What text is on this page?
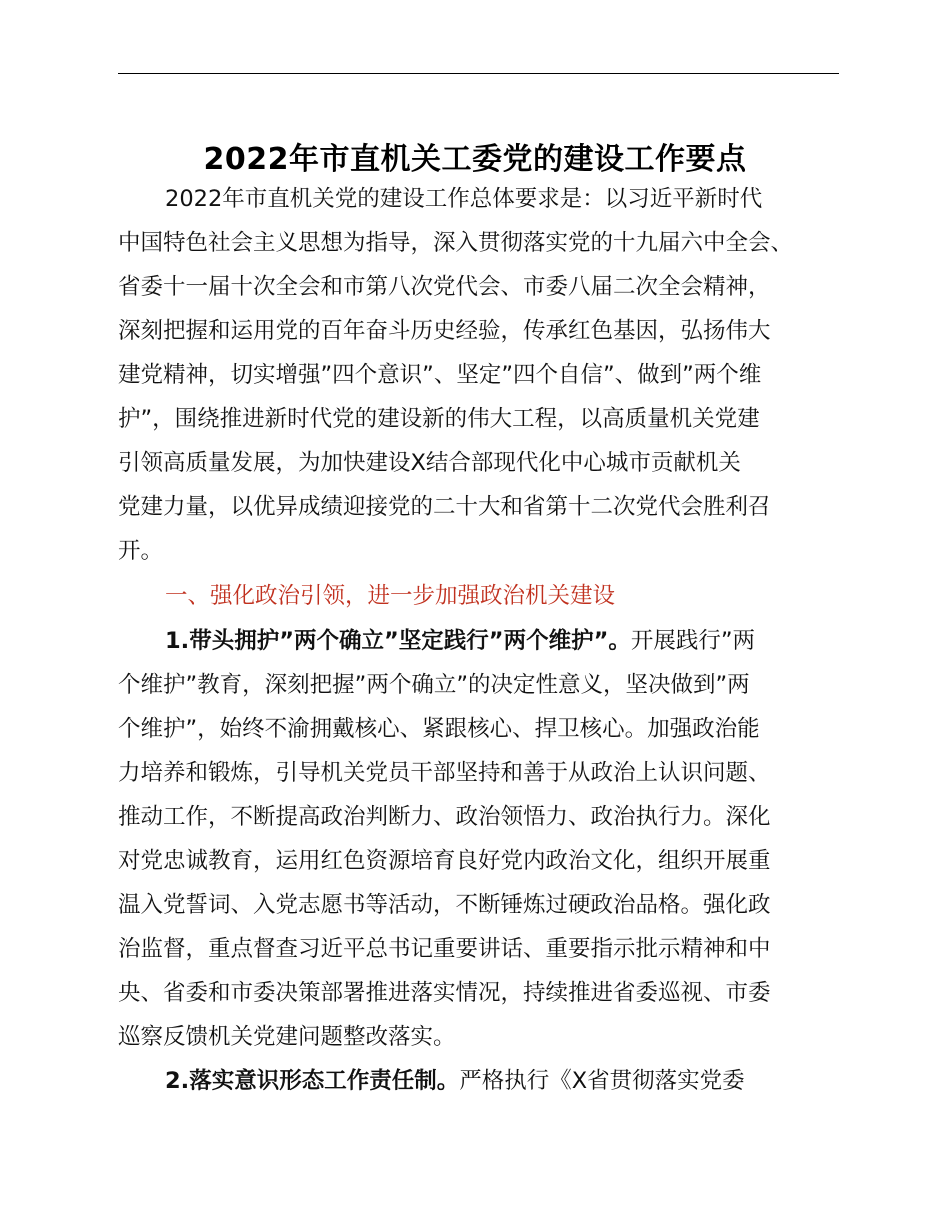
2022年市直机关工委党的建设工作要点
2022年市直机关党的建设工作总体要求是：以习近平新时代
中国特色社会主义思想为指导，深入贯彻落实党的十九届六中全会、
省委十一届十次全会和市第八次党代会、市委八届二次全会精神，
深刻把握和运用党的百年奋斗历史经验，传承红色基因，弘扬伟大
建党精神，切实增强”四个意识”、坚定”四个自信”、做到”两个维
护”，围绕推进新时代党的建设新的伟大工程，以高质量机关党建
引领高质量发展，为加快建设X结合部现代化中心城市贡献机关
党建力量，以优异成绩迎接党的二十大和省第十二次党代会胜利召
开。
一、强化政治引领，进一步加强政治机关建设
1.带头拥护”两个确立”坚定践行”两个维护”。开展践行”两
个维护”教育，深刻把握”两个确立”的决定性意义，坚决做到”两
个维护”，始终不渝拥戴核心、紧跟核心、捍卫核心。加强政治能
力培养和锻炼，引导机关党员干部坚持和善于从政治上认识问题、
推动工作，不断提高政治判断力、政治领悟力、政治执行力。深化
对党忠诚教育，运用红色资源培育良好党内政治文化，组织开展重
温入党誓词、入党志愿书等活动，不断锤炼过硬政治品格。强化政
治监督，重点督查习近平总书记重要讲话、重要指示批示精神和中
央、省委和市委决策部署推进落实情况，持续推进省委巡视、市委
巡察反馈机关党建问题整改落实。
2.落实意识形态工作责任制。严格执行《X省贯彻落实党委
